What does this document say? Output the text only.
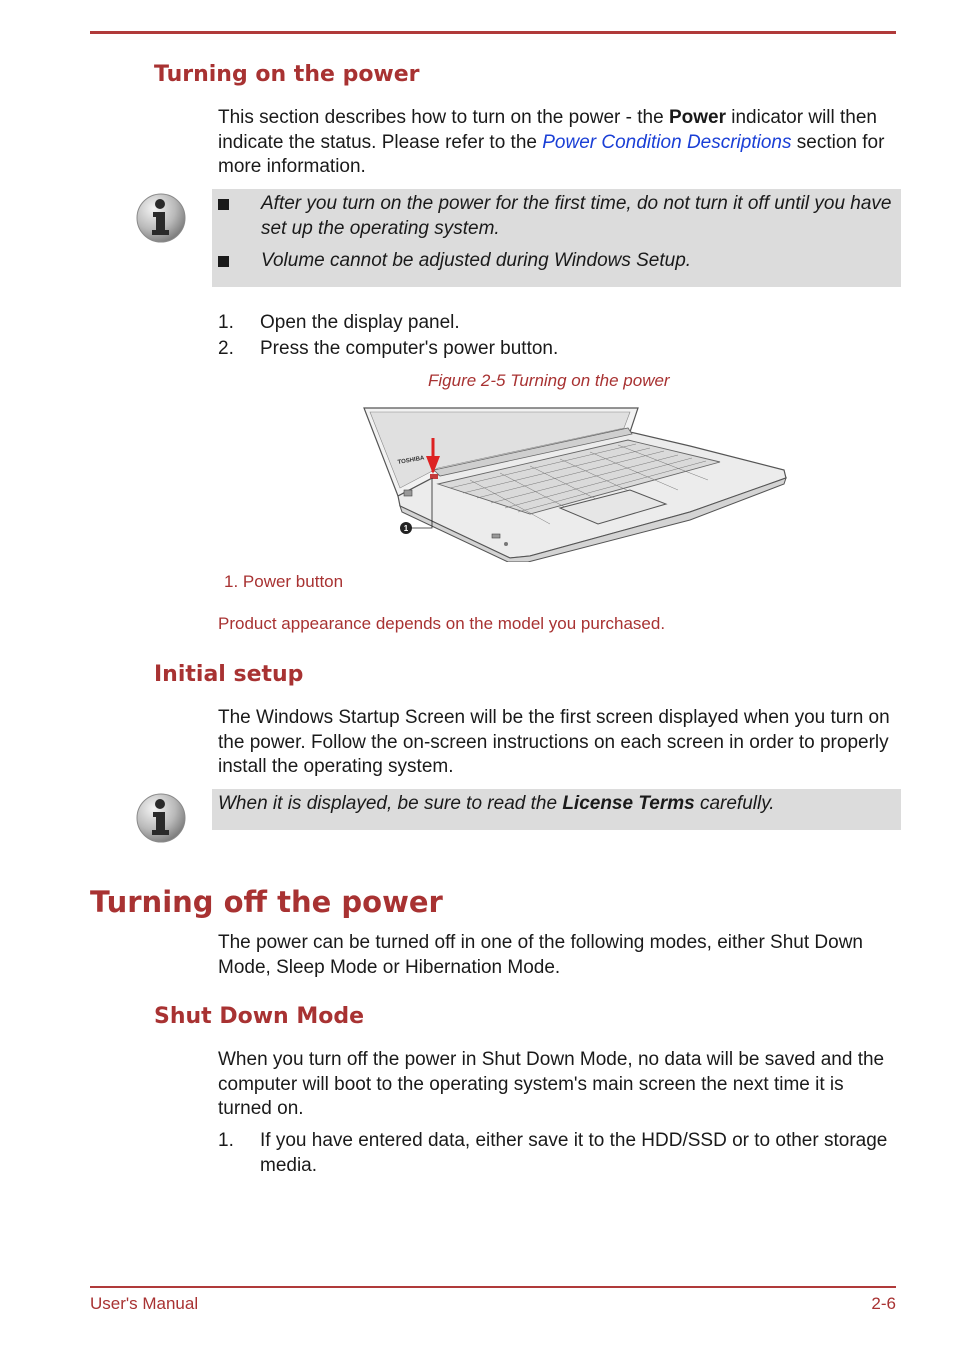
Turning on the power
This section describes how to turn on the power - the Power indicator will then indicate the status. Please refer to the Power Condition Descriptions section for more information.
After you turn on the power for the first time, do not turn it off until you have set up the operating system.
Volume cannot be adjusted during Windows Setup.
1. Open the display panel.
2. Press the computer's power button.
Figure 2-5 Turning on the power
TOSHIBA
1
1. Power button
Product appearance depends on the model you purchased.
Initial setup
The Windows Startup Screen will be the first screen displayed when you turn on the power. Follow the on-screen instructions on each screen in order to properly install the operating system.
When it is displayed, be sure to read the License Terms carefully.
Turning off the power
The power can be turned off in one of the following modes, either Shut Down Mode, Sleep Mode or Hibernation Mode.
Shut Down Mode
When you turn off the power in Shut Down Mode, no data will be saved and the computer will boot to the operating system's main screen the next time it is turned on.
1. If you have entered data, either save it to the HDD/SSD or to other storage media.
User's Manual	2-6
